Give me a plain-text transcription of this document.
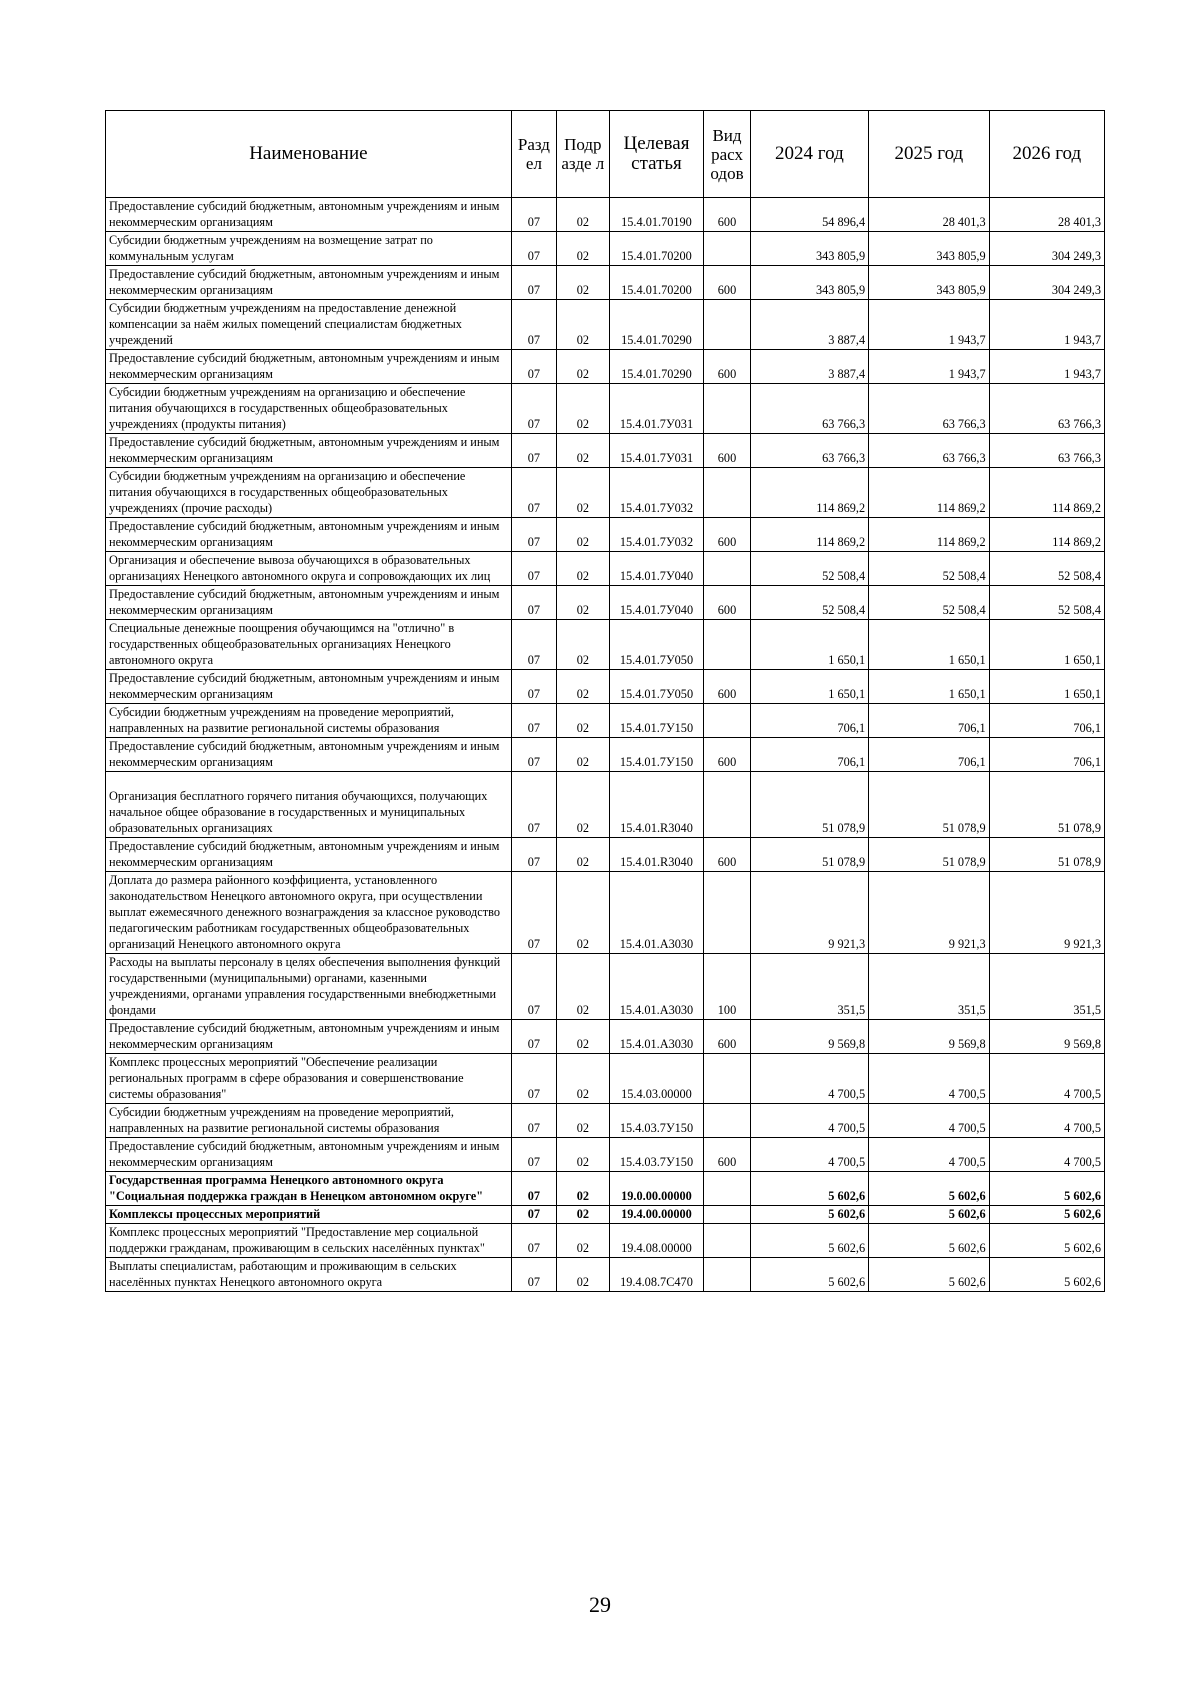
Наименование	Разд ел	Подр азде л	Целевая статья	Вид расх одов	2024 год	2025 год	2026 год
Предоставление субсидий бюджетным, автономным учреждениям и иным некоммерческим организациям	07	02	15.4.01.70190	600	54 896,4	28 401,3	28 401,3
Субсидии бюджетным учреждениям на возмещение затрат по коммунальным услугам	07	02	15.4.01.70200		343 805,9	343 805,9	304 249,3
Предоставление субсидий бюджетным, автономным учреждениям и иным некоммерческим организациям	07	02	15.4.01.70200	600	343 805,9	343 805,9	304 249,3
Субсидии бюджетным учреждениям на предоставление денежной компенсации за наём жилых помещений специалистам бюджетных учреждений	07	02	15.4.01.70290		3 887,4	1 943,7	1 943,7
Предоставление субсидий бюджетным, автономным учреждениям и иным некоммерческим организациям	07	02	15.4.01.70290	600	3 887,4	1 943,7	1 943,7
Субсидии бюджетным учреждениям на организацию и обеспечение питания обучающихся в государственных общеобразовательных учреждениях (продукты питания)	07	02	15.4.01.7У031		63 766,3	63 766,3	63 766,3
Предоставление субсидий бюджетным, автономным учреждениям и иным некоммерческим организациям	07	02	15.4.01.7У031	600	63 766,3	63 766,3	63 766,3
Субсидии бюджетным учреждениям на организацию и обеспечение питания обучающихся в государственных общеобразовательных учреждениях (прочие расходы)	07	02	15.4.01.7У032		114 869,2	114 869,2	114 869,2
Предоставление субсидий бюджетным, автономным учреждениям и иным некоммерческим организациям	07	02	15.4.01.7У032	600	114 869,2	114 869,2	114 869,2
Организация и обеспечение вывоза обучающихся в образовательных организациях Ненецкого автономного округа и сопровождающих их лиц	07	02	15.4.01.7У040		52 508,4	52 508,4	52 508,4
Предоставление субсидий бюджетным, автономным учреждениям и иным некоммерческим организациям	07	02	15.4.01.7У040	600	52 508,4	52 508,4	52 508,4
Специальные денежные поощрения обучающимся на "отлично" в государственных общеобразовательных организациях Ненецкого автономного округа	07	02	15.4.01.7У050		1 650,1	1 650,1	1 650,1
Предоставление субсидий бюджетным, автономным учреждениям и иным некоммерческим организациям	07	02	15.4.01.7У050	600	1 650,1	1 650,1	1 650,1
Субсидии бюджетным учреждениям на проведение мероприятий, направленных на развитие региональной системы образования	07	02	15.4.01.7У150		706,1	706,1	706,1
Предоставление субсидий бюджетным, автономным учреждениям и иным некоммерческим организациям	07	02	15.4.01.7У150	600	706,1	706,1	706,1
Организация бесплатного горячего питания обучающихся, получающих начальное общее образование в государственных и муниципальных образовательных организациях	07	02	15.4.01.R3040		51 078,9	51 078,9	51 078,9
Предоставление субсидий бюджетным, автономным учреждениям и иным некоммерческим организациям	07	02	15.4.01.R3040	600	51 078,9	51 078,9	51 078,9
Доплата до размера районного коэффициента, установленного законодательством Ненецкого автономного округа, при осуществлении выплат ежемесячного денежного вознаграждения за классное руководство педагогическим работникам государственных общеобразовательных организаций Ненецкого автономного округа	07	02	15.4.01.А3030		9 921,3	9 921,3	9 921,3
Расходы на выплаты персоналу в целях обеспечения выполнения функций государственными (муниципальными) органами, казенными учреждениями, органами управления государственными внебюджетными фондами	07	02	15.4.01.А3030	100	351,5	351,5	351,5
Предоставление субсидий бюджетным, автономным учреждениям и иным некоммерческим организациям	07	02	15.4.01.А3030	600	9 569,8	9 569,8	9 569,8
Комплекс процессных мероприятий "Обеспечение реализации региональных программ в сфере образования и совершенствование системы образования"	07	02	15.4.03.00000		4 700,5	4 700,5	4 700,5
Субсидии бюджетным учреждениям на проведение мероприятий, направленных на развитие региональной системы образования	07	02	15.4.03.7У150		4 700,5	4 700,5	4 700,5
Предоставление субсидий бюджетным, автономным учреждениям и иным некоммерческим организациям	07	02	15.4.03.7У150	600	4 700,5	4 700,5	4 700,5
Государственная программа Ненецкого автономного округа "Социальная поддержка граждан в Ненецком автономном округе"	07	02	19.0.00.00000		5 602,6	5 602,6	5 602,6
Комплексы процессных мероприятий	07	02	19.4.00.00000		5 602,6	5 602,6	5 602,6
Комплекс процессных мероприятий "Предоставление мер социальной поддержки гражданам, проживающим в сельских населённых пунктах"	07	02	19.4.08.00000		5 602,6	5 602,6	5 602,6
Выплаты специалистам, работающим и проживающим в сельских населённых пунктах Ненецкого автономного округа	07	02	19.4.08.7С470		5 602,6	5 602,6	5 602,6
29
